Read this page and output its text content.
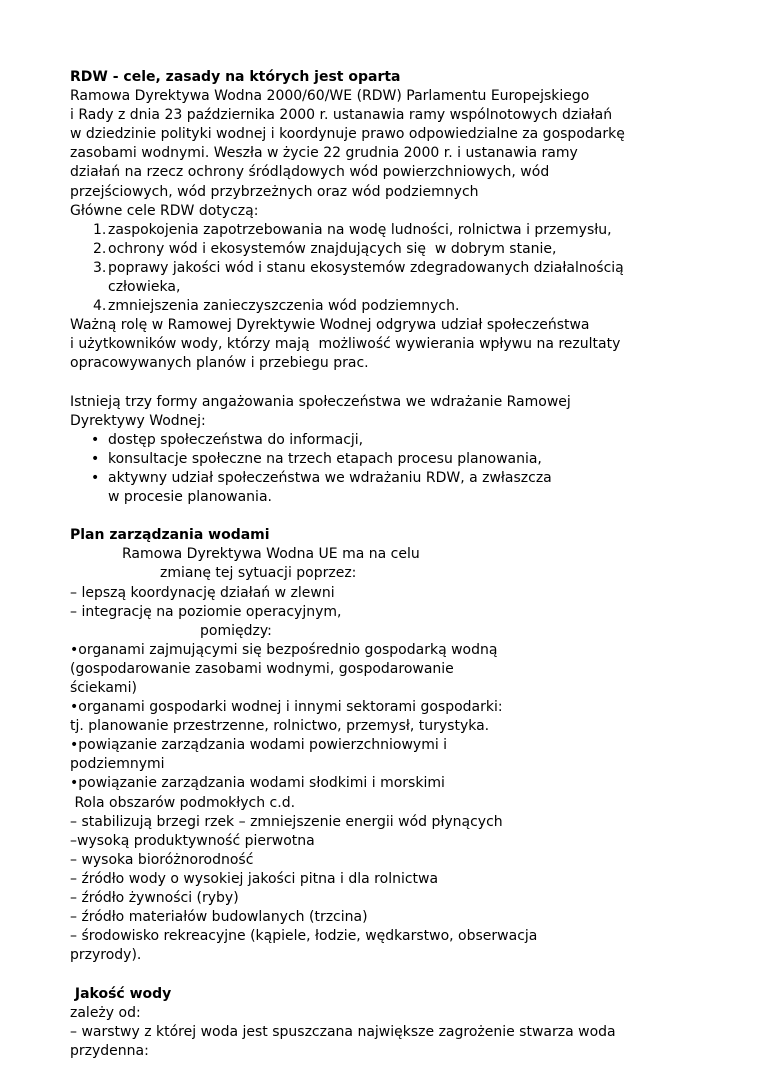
RDW - cele, zasady na których jest oparta
Ramowa Dyrektywa Wodna 2000/60/WE (RDW) Parlamentu Europejskiego
i Rady z dnia 23 października 2000 r. ustanawia ramy wspólnotowych działań
w dziedzinie polityki wodnej i koordynuje prawo odpowiedzialne za gospodarkę
zasobami wodnymi. Weszła w życie 22 grudnia 2000 r. i ustanawia ramy
działań na rzecz ochrony śródlądowych wód powierzchniowych, wód
przejściowych, wód przybrzeżnych oraz wód podziemnych
Główne cele RDW dotyczą:
1. zaspokojenia zapotrzebowania na wodę ludności, rolnictwa i przemysłu,
2. ochrony wód i ekosystemów znajdujących się  w dobrym stanie,
3. poprawy jakości wód i stanu ekosystemów zdegradowanych działalnością
człowieka,
4. zmniejszenia zanieczyszczenia wód podziemnych.
Ważną rolę w Ramowej Dyrektywie Wodnej odgrywa udział społeczeństwa
i użytkowników wody, którzy mają  możliwość wywierania wpływu na rezultaty
opracowywanych planów i przebiegu prac.
Istnieją trzy formy angażowania społeczeństwa we wdrażanie Ramowej
Dyrektywy Wodnej:
• dostęp społeczeństwa do informacji,
• konsultacje społeczne na trzech etapach procesu planowania,
• aktywny udział społeczeństwa we wdrażaniu RDW, a zwłaszcza
w procesie planowania.
Plan zarządzania wodami
Ramowa Dyrektywa Wodna UE ma na celu
zmianę tej sytuacji poprzez:
– lepszą koordynację działań w zlewni
– integrację na poziomie operacyjnym,
pomiędzy:
•organami zajmującymi się bezpośrednio gospodarką wodną
(gospodarowanie zasobami wodnymi, gospodarowanie
ściekami)
•organami gospodarki wodnej i innymi sektorami gospodarki:
tj. planowanie przestrzenne, rolnictwo, przemysł, turystyka.
•powiązanie zarządzania wodami powierzchniowymi i
podziemnymi
•powiązanie zarządzania wodami słodkimi i morskimi
Rola obszarów podmokłych c.d.
– stabilizują brzegi rzek – zmniejszenie energii wód płynących
–wysoką produktywność pierwotna
– wysoka bioróżnorodność
– źródło wody o wysokiej jakości pitna i dla rolnictwa
– źródło żywności (ryby)
– źródło materiałów budowlanych (trzcina)
– środowisko rekreacyjne (kąpiele, łodzie, wędkarstwo, obserwacja
przyrody).
Jakość wody
zależy od:
– warstwy z której woda jest spuszczana największe zagrożenie stwarza woda
przydenna:
